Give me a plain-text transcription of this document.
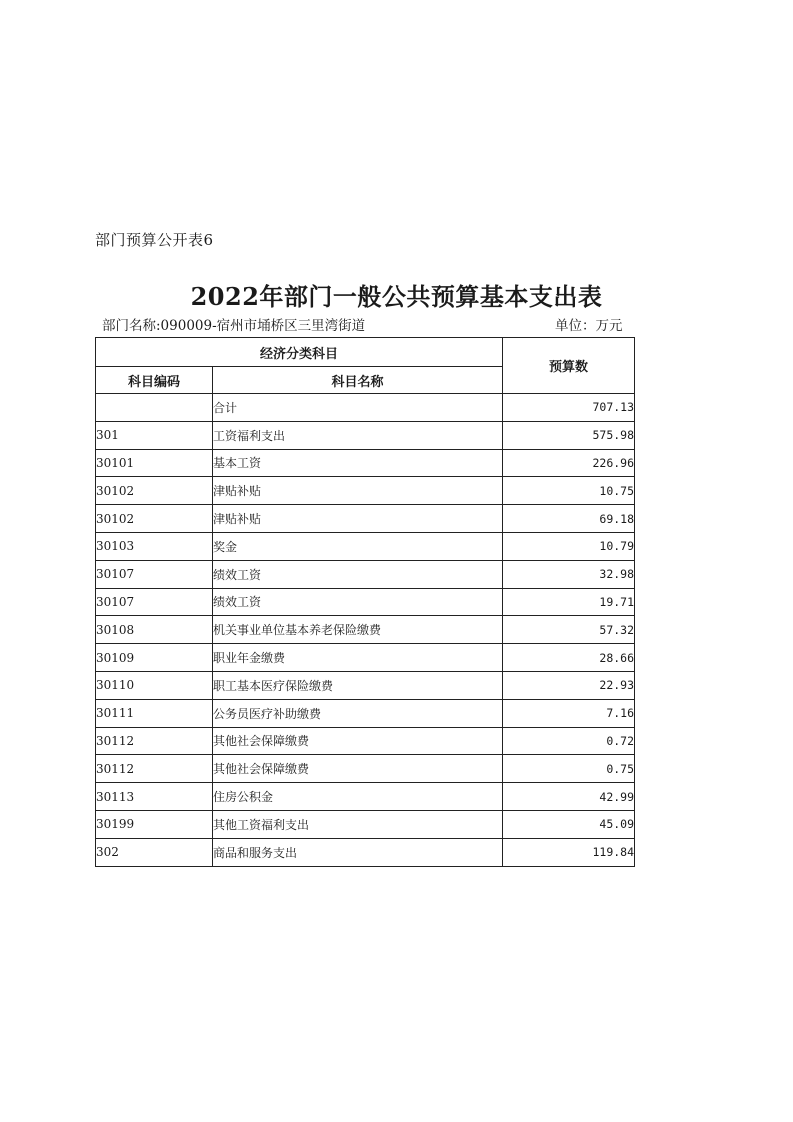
部门预算公开表6
2022年部门一般公共预算基本支出表
部门名称:090009-宿州市埇桥区三里湾街道	单位：万元
经济分类科目		预算数
科目编码	科目名称	
	合计	707.13
301	工资福利支出	575.98
30101	基本工资	226.96
30102	津贴补贴	10.75
30102	津贴补贴	69.18
30103	奖金	10.79
30107	绩效工资	32.98
30107	绩效工资	19.71
30108	机关事业单位基本养老保险缴费	57.32
30109	职业年金缴费	28.66
30110	职工基本医疗保险缴费	22.93
30111	公务员医疗补助缴费	7.16
30112	其他社会保障缴费	0.72
30112	其他社会保障缴费	0.75
30113	住房公积金	42.99
30199	其他工资福利支出	45.09
302	商品和服务支出	119.84
